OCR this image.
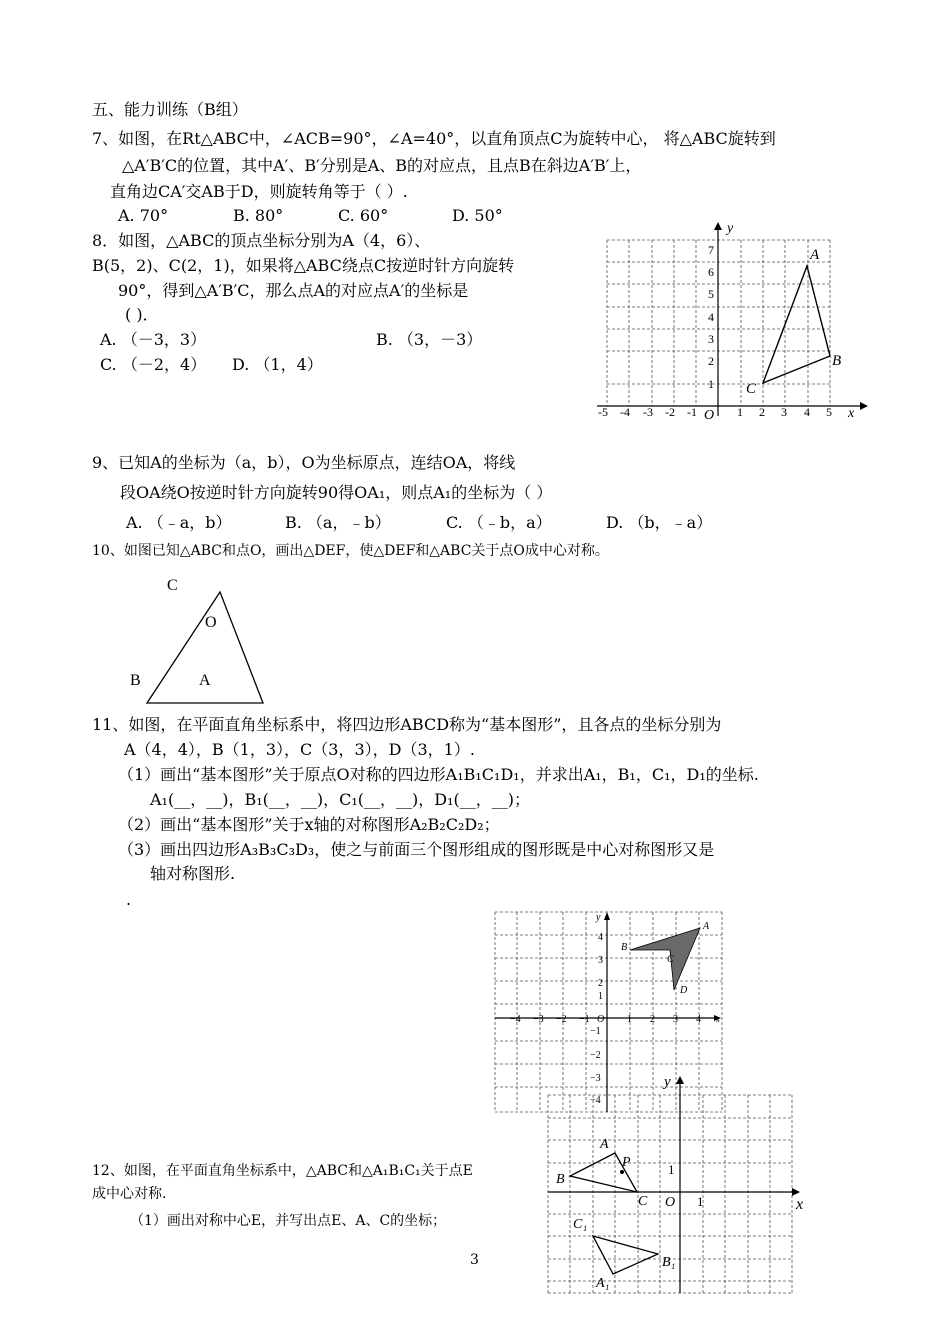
五、能力训练（B组）
7、如图，在Rt△ABC中，∠ACB=90°，∠A=40°，以直角顶点C为旋转中心， 将△ABC旋转到
△A′B′C的位置，其中A′、B′分别是A、B的对应点，且点B在斜边A′B′上，
直角边CA′交AB于D，则旋转角等于（ ）.
A. 70°	B. 80°	C. 60°	D. 50°
8．如图，△ABC的顶点坐标分别为A（4，6）、
B(5，2)、C(2，1)，如果将△ABC绕点C按逆时针方向旋转
90°，得到△A′B′C，那么点A的对应点A′的坐标是
( )．
A. （－3，3）	B. （3，－3）
C. （－2，4） D. （1，4）
x
y
O
-5 -4 -3 -2 -1	1 2 3 4 5
1
2
3
4
5
6
7	A
B
C
9、已知A的坐标为（a，b），O为坐标原点，连结OA，将线
段OA绕O按逆时针方向旋转90得OA₁，则点A₁的坐标为（ ）
A. （﹣a，b）	B. （a，﹣b）	C. （﹣b，a）	D. （b，﹣a）
10、如图已知△ABC和点O，画出△DEF，使△DEF和△ABC关于点O成中心对称。
C
O
B	A
11、如图，在平面直角坐标系中，将四边形ABCD称为“基本图形”，且各点的坐标分别为
A（4，4），B（1，3），C（3，3），D（3，1）.
（1）画出“基本图形”关于原点O对称的四边形A₁B₁C₁D₁，并求出A₁，B₁，C₁，D₁的坐标.
A₁(__，__)，B₁(__，__)，C₁(__，__)，D₁(__，__)；
（2）画出“基本图形”关于x轴的对称图形A₂B₂C₂D₂；
（3）画出四边形A₃B₃C₃D₃，使之与前面三个图形组成的图形既是中心对称图形又是
轴对称图形.
.
x
y
O
−4 −3 −2 −1	1 2 3 4
4
3
2
1
−1
−2
−3
−4
A
B
C
D
x
y
O 1
1
A
B
C
P
A₁
B₁
C₁
12、如图，在平面直角坐标系中，△ABC和△A₁B₁C₁关于点E
成中心对称.
（1）画出对称中心E，并写出点E、A、C的坐标；
3
